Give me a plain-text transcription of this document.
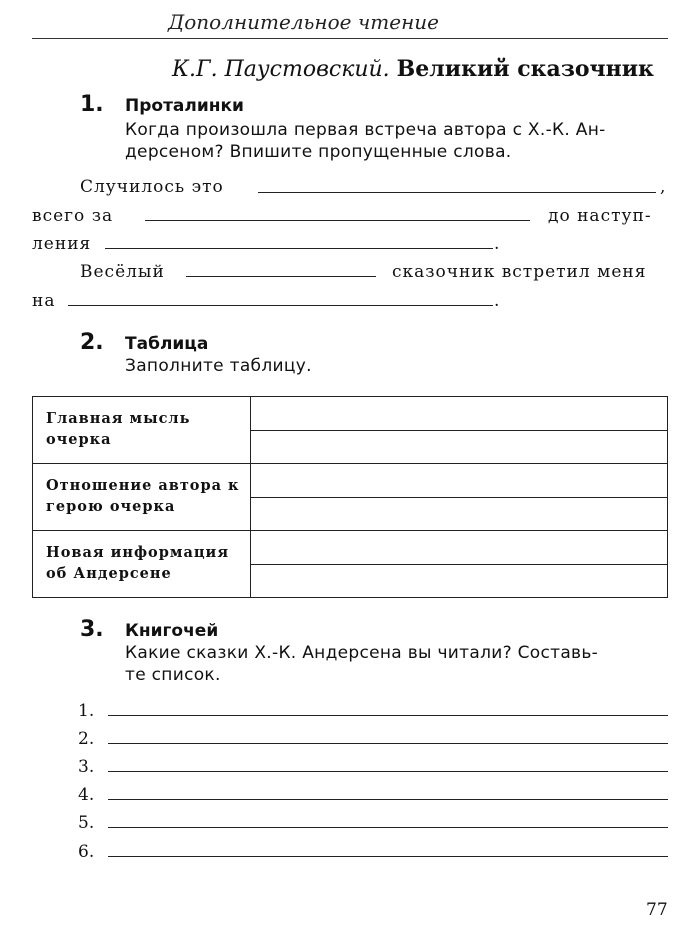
Дополнительное чтение
К.Г. Паустовский. Великий сказочник
1. Проталинки
Когда произошла первая встреча автора с Х.-К. Ан-
дерсеном? Впишите пропущенные слова.
Случилось это	,
всего за	до наступ-
ления	.
Весёлый	сказочник встретил меня
на	.
2. Таблица
Заполните таблицу.
Главная мысль очерка
Отношение автора к герою очерка
Новая информация об Андерсене
3. Книгочей
Какие сказки Х.-К. Андерсена вы читали? Составь-
те список.
1.
2.
3.
4.
5.
6.
77
